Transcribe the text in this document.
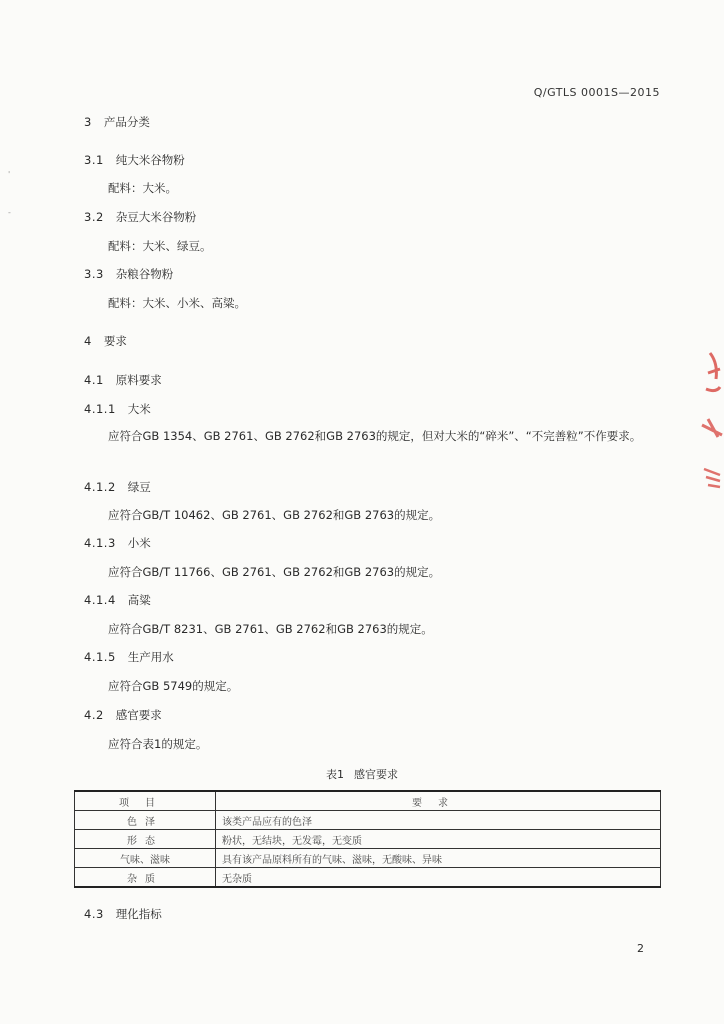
Q/GTLS 0001S—2015
3 产品分类
3.1 纯大米谷物粉
配料：大米。
3.2 杂豆大米谷物粉
配料：大米、绿豆。
3.3 杂粮谷物粉
配料：大米、小米、高粱。
4 要求
4.1 原料要求
4.1.1 大米
应符合GB 1354、GB 2761、GB 2762和GB 2763的规定，但对大米的“碎米”、“不完善粒”不作要求。
4.1.2 绿豆
应符合GB/T 10462、GB 2761、GB 2762和GB 2763的规定。
4.1.3 小米
应符合GB/T 11766、GB 2761、GB 2762和GB 2763的规定。
4.1.4 高粱
应符合GB/T 8231、GB 2761、GB 2762和GB 2763的规定。
4.1.5 生产用水
应符合GB 5749的规定。
4.2 感官要求
应符合表1的规定。
表1 感官要求
项目	要求
色泽	该类产品应有的色泽
形态	粉状，无结块，无发霉，无变质
气味、滋味	具有该产品原料所有的气味、滋味，无酸味、异味
杂质	无杂质
4.3 理化指标
2
'
-
